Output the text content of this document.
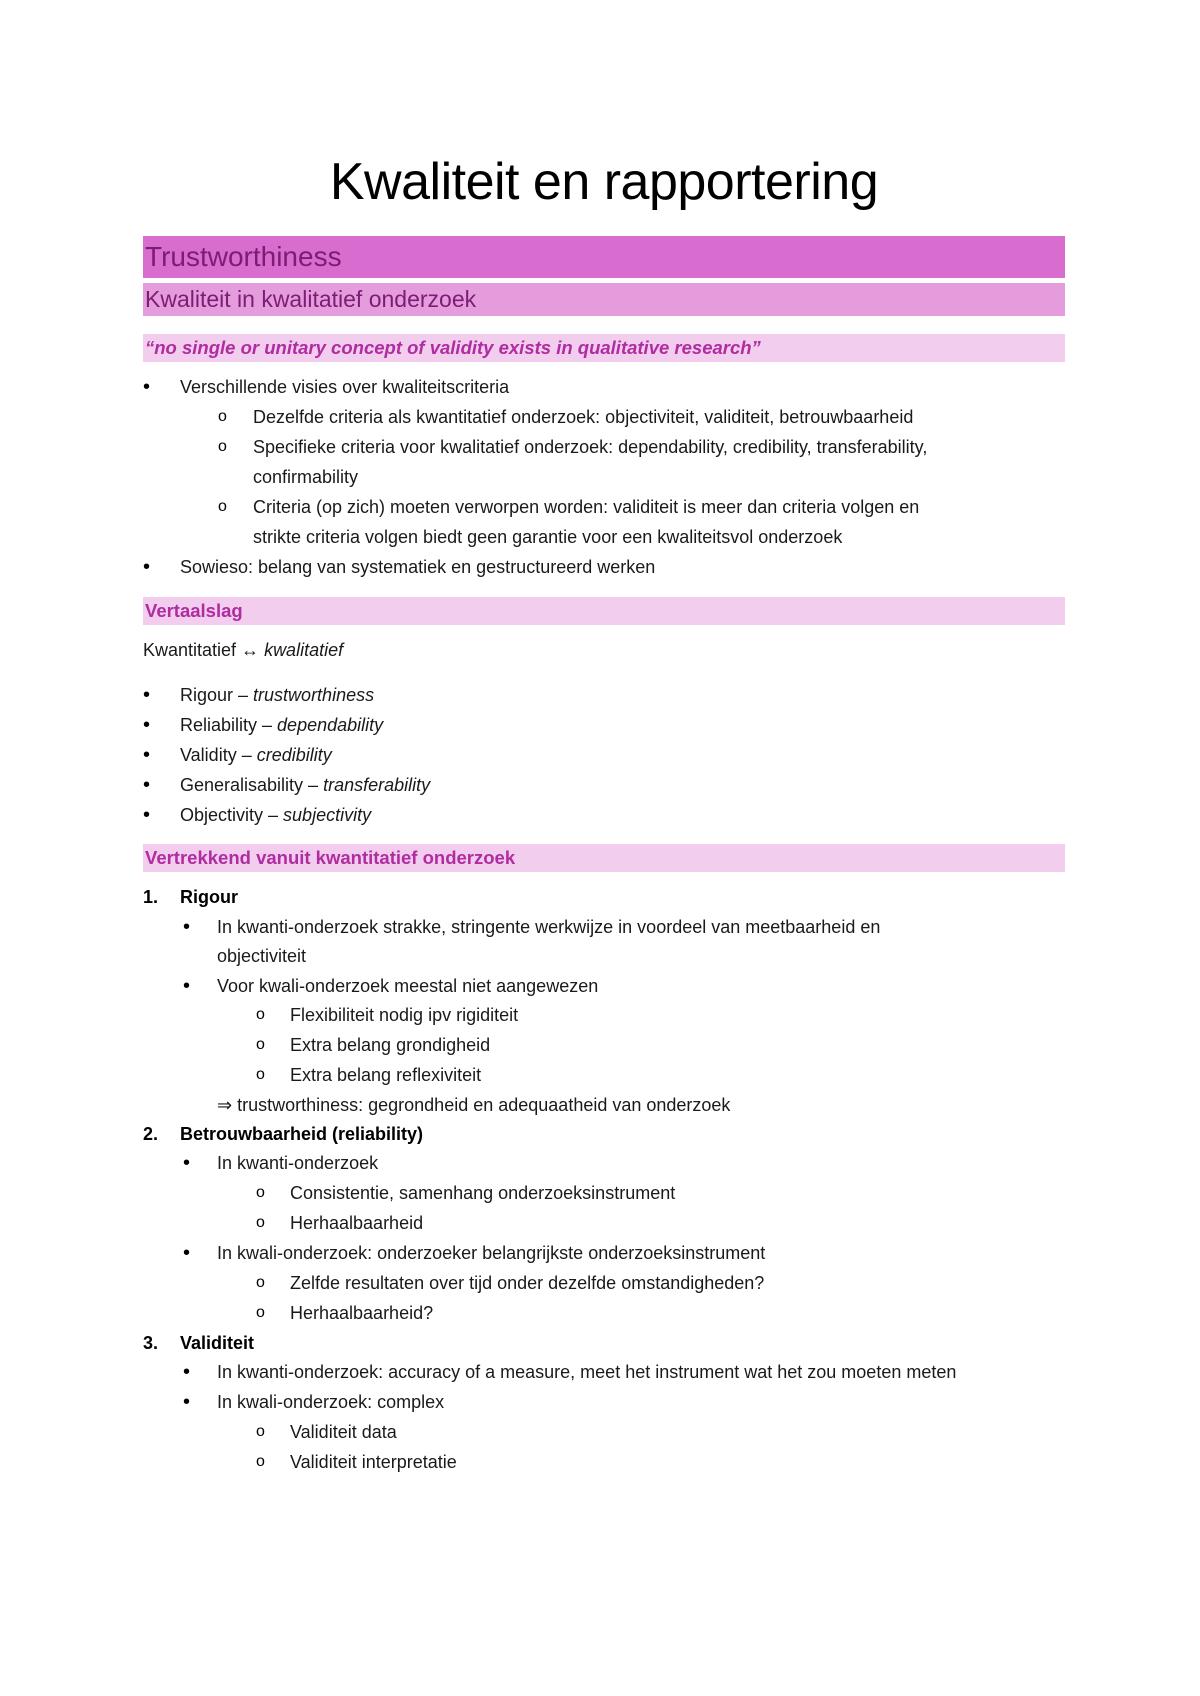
Kwaliteit en rapportering
Trustworthiness
Kwaliteit in kwalitatief onderzoek
“no single or unitary concept of validity exists in qualitative research”
• Verschillende visies over kwaliteitscriteria
o Dezelfde criteria als kwantitatief onderzoek: objectiviteit, validiteit, betrouwbaarheid
o Specifieke criteria voor kwalitatief onderzoek: dependability, credibility, transferability,
confirmability
o Criteria (op zich) moeten verworpen worden: validiteit is meer dan criteria volgen en
strikte criteria volgen biedt geen garantie voor een kwaliteitsvol onderzoek
• Sowieso: belang van systematiek en gestructureerd werken
Vertaalslag
Kwantitatief ↔ kwalitatief
• Rigour – trustworthiness
• Reliability – dependability
• Validity – credibility
• Generalisability – transferability
• Objectivity – subjectivity
Vertrekkend vanuit kwantitatief onderzoek
1. Rigour
• In kwanti-onderzoek strakke, stringente werkwijze in voordeel van meetbaarheid en
objectiviteit
• Voor kwali-onderzoek meestal niet aangewezen
o Flexibiliteit nodig ipv rigiditeit
o Extra belang grondigheid
o Extra belang reflexiviteit
⇒ trustworthiness: gegrondheid en adequaatheid van onderzoek
2. Betrouwbaarheid (reliability)
• In kwanti-onderzoek
o Consistentie, samenhang onderzoeksinstrument
o Herhaalbaarheid
• In kwali-onderzoek: onderzoeker belangrijkste onderzoeksinstrument
o Zelfde resultaten over tijd onder dezelfde omstandigheden?
o Herhaalbaarheid?
3. Validiteit
• In kwanti-onderzoek: accuracy of a measure, meet het instrument wat het zou moeten meten
• In kwali-onderzoek: complex
o Validiteit data
o Validiteit interpretatie
